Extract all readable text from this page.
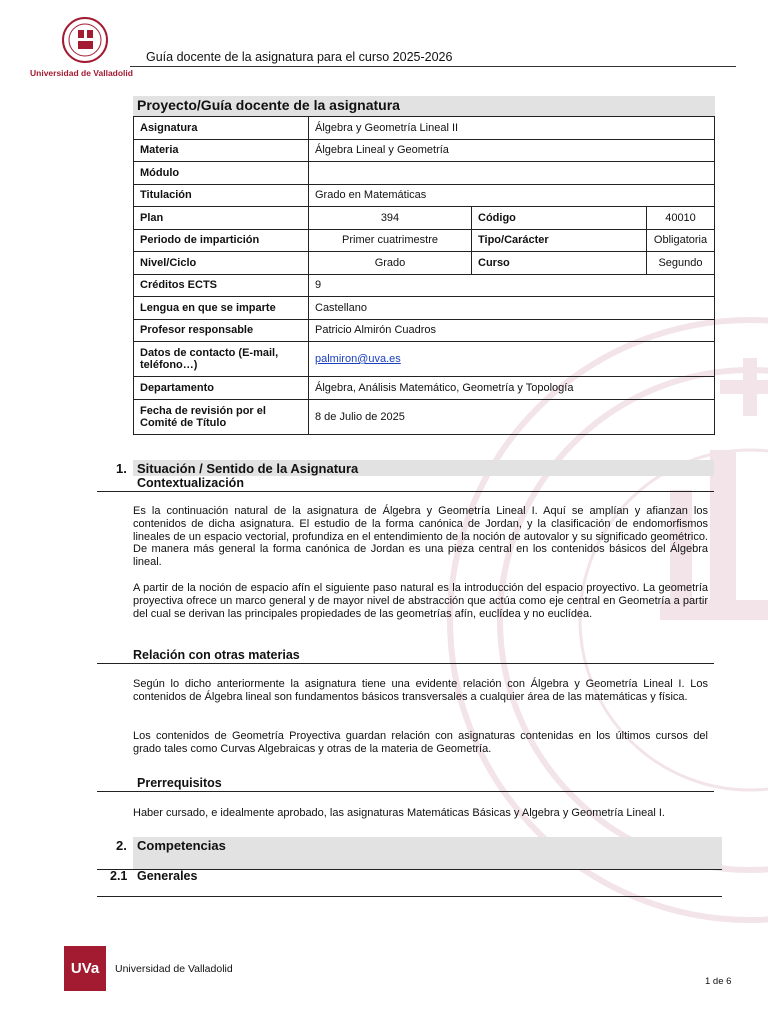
Universidad de Valladolid
Guía docente de la asignatura para el curso 2025-2026
Proyecto/Guía docente de la asignatura
Asignatura	Álgebra y Geometría Lineal II		
Materia	Álgebra Lineal y Geometría		
Módulo			
Titulación	Grado en Matemáticas		
Plan	394	Código	40010
Periodo de impartición	Primer cuatrimestre	Tipo/Carácter	Obligatoria
Nivel/Ciclo	Grado	Curso	Segundo
Créditos ECTS	9		
Lengua en que se imparte	Castellano		
Profesor responsable	Patricio Almirón Cuadros		
Datos de contacto (E-mail, teléfono…)	palmiron@uva.es		
Departamento	Álgebra, Análisis Matemático, Geometría y Topología		
Fecha de revisión por el Comité de Título	8 de Julio de 2025		
1. Situación / Sentido de la Asignatura
Contextualización
Es la continuación natural de la asignatura de Álgebra y Geometría Lineal I. Aquí se amplían y afianzan los contenidos de dicha asignatura. El estudio de la forma canónica de Jordan, y la clasificación de endomorfismos lineales de un espacio vectorial, profundiza en el entendimiento de la noción de autovalor y su significado geométrico. De manera más general la forma canónica de Jordan es una pieza central en los contenidos básicos del Álgebra lineal.
A partir de la noción de espacio afín el siguiente paso natural es la introducción del espacio proyectivo. La geometría proyectiva ofrece un marco general y de mayor nivel de abstracción que actúa como eje central en Geometría a partir del cual se derivan las principales propiedades de las geometrías afín, euclídea y no euclídea.
Relación con otras materias
Según lo dicho anteriormente la asignatura tiene una evidente relación con Álgebra y Geometría Lineal I. Los contenidos de Álgebra lineal son fundamentos básicos transversales a cualquier área de las matemáticas y física.
Los contenidos de Geometría Proyectiva guardan relación con asignaturas contenidas en los últimos cursos del grado tales como Curvas Algebraicas y otras de la materia de Geometría.
Prerrequisitos
Haber cursado, e idealmente aprobado, las asignaturas Matemáticas Básicas y Algebra y Geometría Lineal I.
2. Competencias
2.1 Generales
UVa	Universidad de Valladolid
1 de 6
